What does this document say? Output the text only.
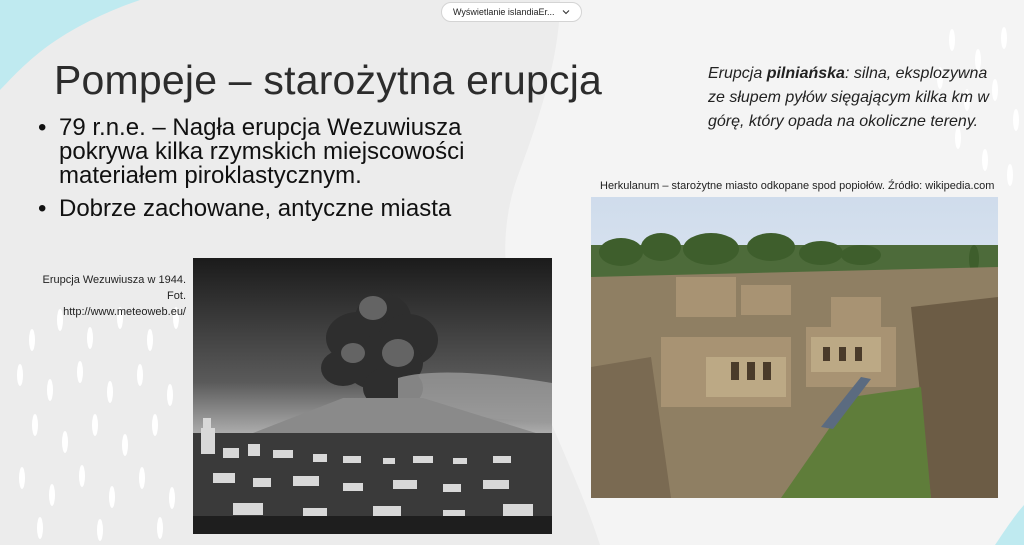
Wyświetlanie islandiaEr...
Pompeje – starożytna erupcja
• 79 r.n.e. – Nagła erupcja Wezuwiusza pokrywa kilka rzymskich miejscowości materiałem piroklastycznym.
• Dobrze zachowane, antyczne miasta
Erupcja pilniańska: silna, eksplozywna ze słupem pyłów sięgającym kilka km w górę, który opada na okoliczne tereny.
Erupcja Wezuwiusza w 1944.
Fot.
http://www.meteoweb.eu/
Herkulanum – starożytne miasto odkopane spod popiołów. Źródło: wikipedia.com
